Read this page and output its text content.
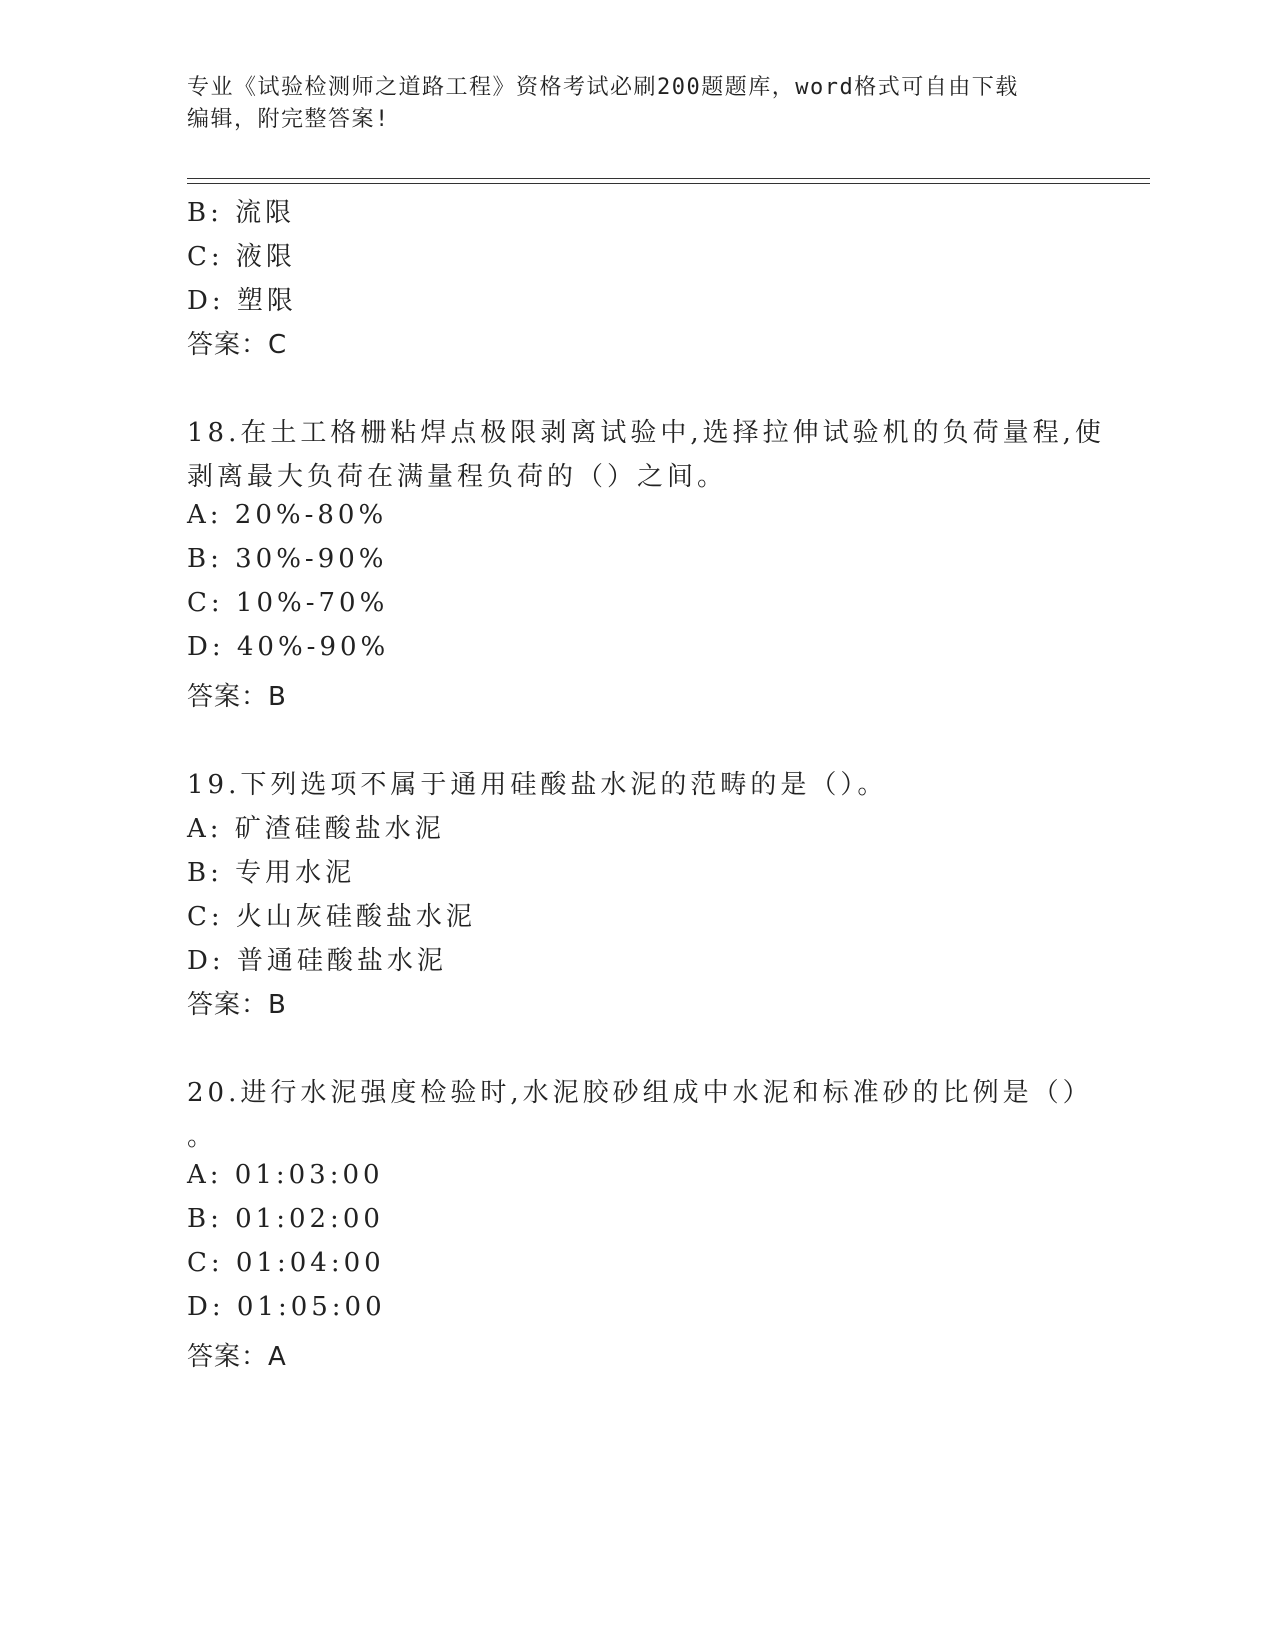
专业《试验检测师之道路工程》资格考试必刷200题题库，word格式可自由下载
编辑，附完整答案!
B: 流限
C: 液限
D: 塑限
答案：C
18.在土工格栅粘焊点极限剥离试验中,选择拉伸试验机的负荷量程,使
剥离最大负荷在满量程负荷的（）之间。
A: 20%-80%
B: 30%-90%
C: 10%-70%
D: 40%-90%
答案：B
19.下列选项不属于通用硅酸盐水泥的范畴的是（）。
A: 矿渣硅酸盐水泥
B: 专用水泥
C: 火山灰硅酸盐水泥
D: 普通硅酸盐水泥
答案：B
20.进行水泥强度检验时,水泥胶砂组成中水泥和标准砂的比例是（）
。
A: 01:03:00
B: 01:02:00
C: 01:04:00
D: 01:05:00
答案：A
